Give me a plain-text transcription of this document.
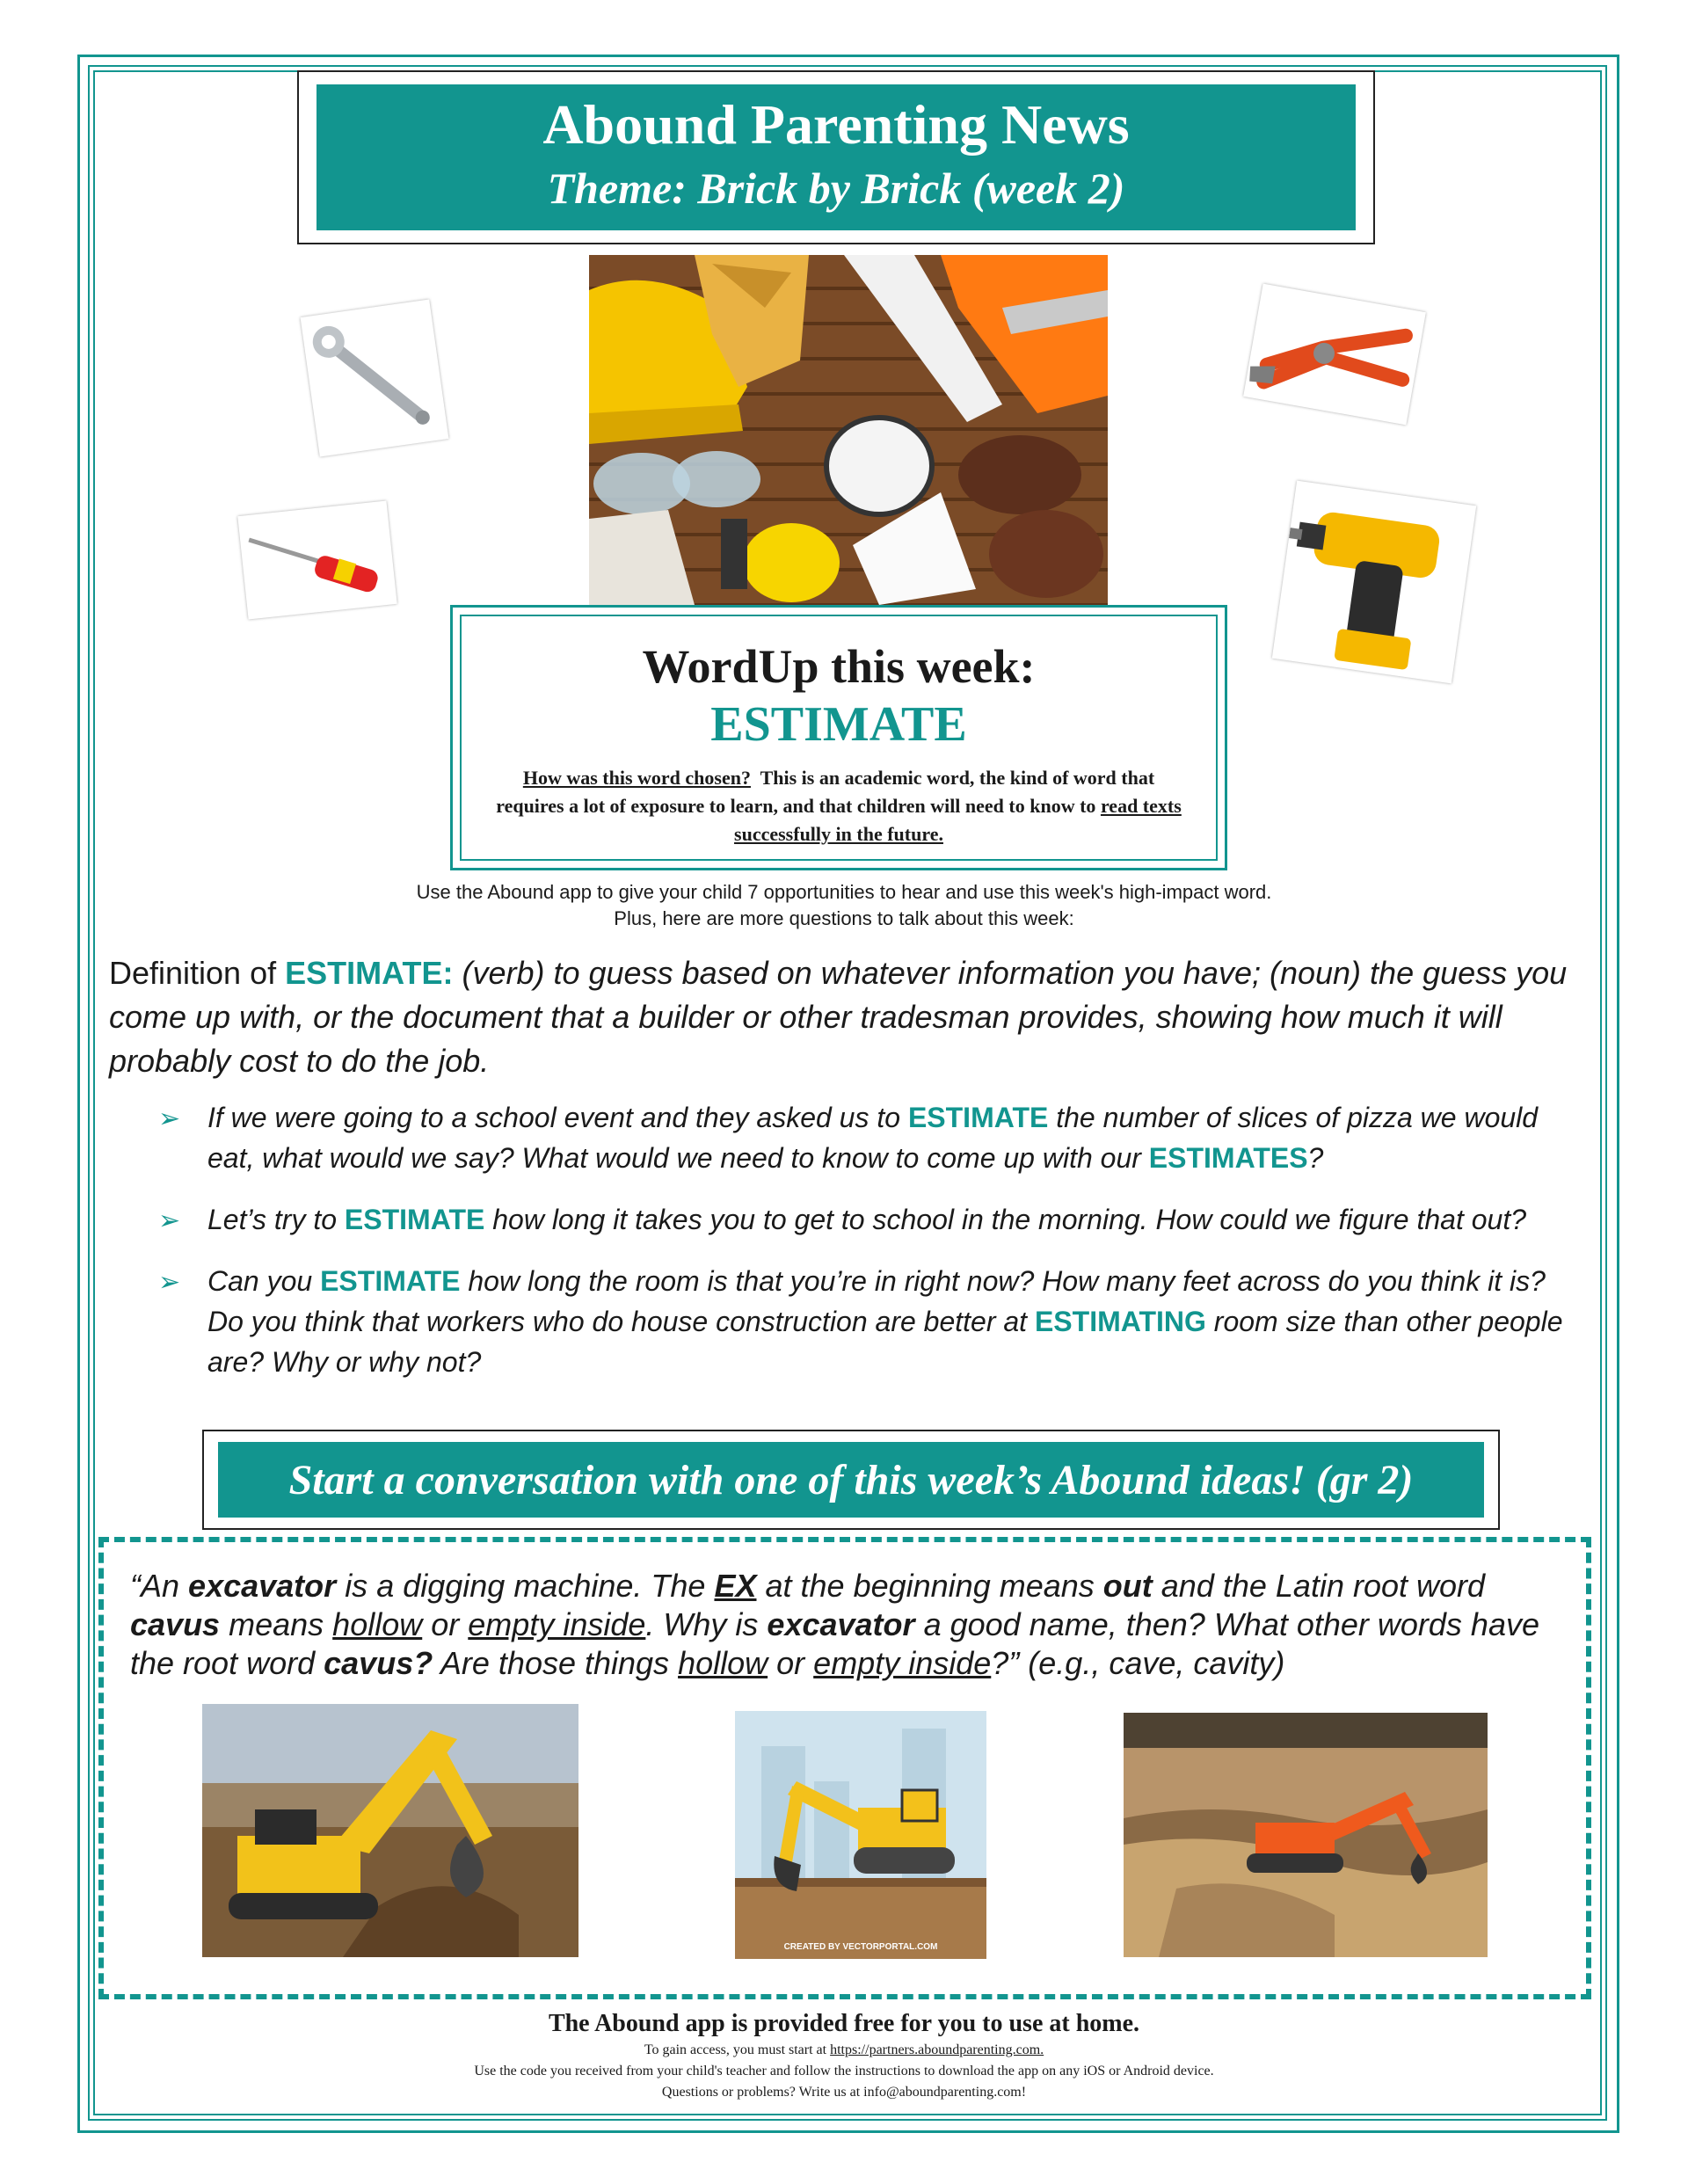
Abound Parenting News
Theme: Brick by Brick (week 2)
WordUp this week:
ESTIMATE
How was this word chosen? This is an academic word, the kind of word that requires a lot of exposure to learn, and that children will need to know to read texts successfully in the future.
Use the Abound app to give your child 7 opportunities to hear and use this week's high-impact word.
Plus, here are more questions to talk about this week:
Definition of ESTIMATE: (verb) to guess based on whatever information you have; (noun) the guess you come up with, or the document that a builder or other tradesman provides, showing how much it will probably cost to do the job.
➢ If we were going to a school event and they asked us to ESTIMATE the number of slices of pizza we would eat, what would we say? What would we need to know to come up with our ESTIMATES?
➢ Let’s try to ESTIMATE how long it takes you to get to school in the morning. How could we figure that out?
➢ Can you ESTIMATE how long the room is that you’re in right now? How many feet across do you think it is? Do you think that workers who do house construction are better at ESTIMATING room size than other people are? Why or why not?
Start a conversation with one of this week’s Abound ideas! (gr 2)
“An excavator is a digging machine. The EX at the beginning means out and the Latin root word cavus means hollow or empty inside. Why is excavator a good name, then? What other words have the root word cavus? Are those things hollow or empty inside?” (e.g., cave, cavity)
CREATED BY VECTORPORTAL.COM
The Abound app is provided free for you to use at home.
To gain access, you must start at https://partners.aboundparenting.com.
Use the code you received from your child's teacher and follow the instructions to download the app on any iOS or Android device.
Questions or problems? Write us at info@aboundparenting.com!
